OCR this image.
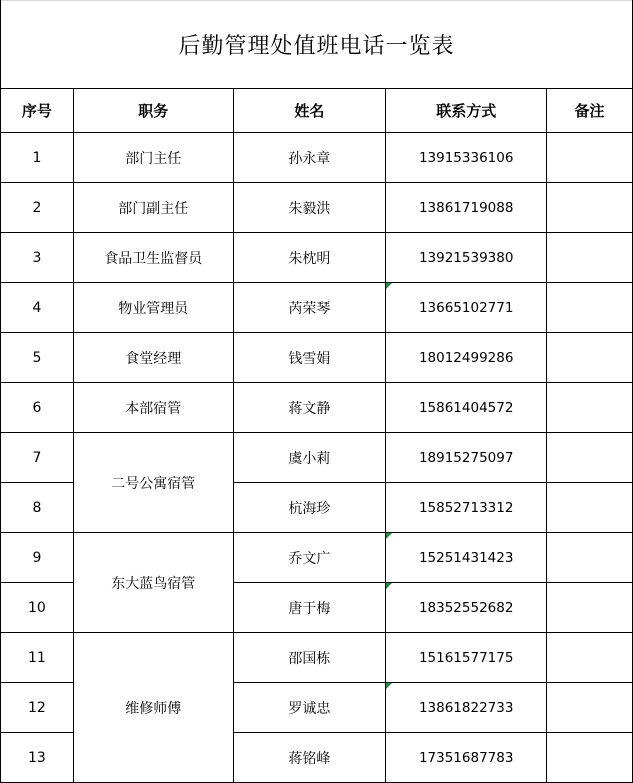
后勤管理处值班电话一览表
序号	职务	姓名	联系方式	备注
1	部门主任	孙永章	13915336106	
2	部门副主任	朱毅洪	13861719088	
3	食品卫生监督员	朱枕明	13921539380	
4	物业管理员	芮荣琴	13665102771	
5	食堂经理	钱雪娟	18012499286	
6	本部宿管	蒋文静	15861404572	
7	二号公寓宿管	虞小莉	18915275097	
8		杭海珍	15852713312	
9	东大蓝鸟宿管	乔文广	15251431423	
10		唐于梅	18352552682	
11	维修师傅	邵国栋	15161577175	
12		罗诚忠	13861822733	
13		蒋铭峰	17351687783	
